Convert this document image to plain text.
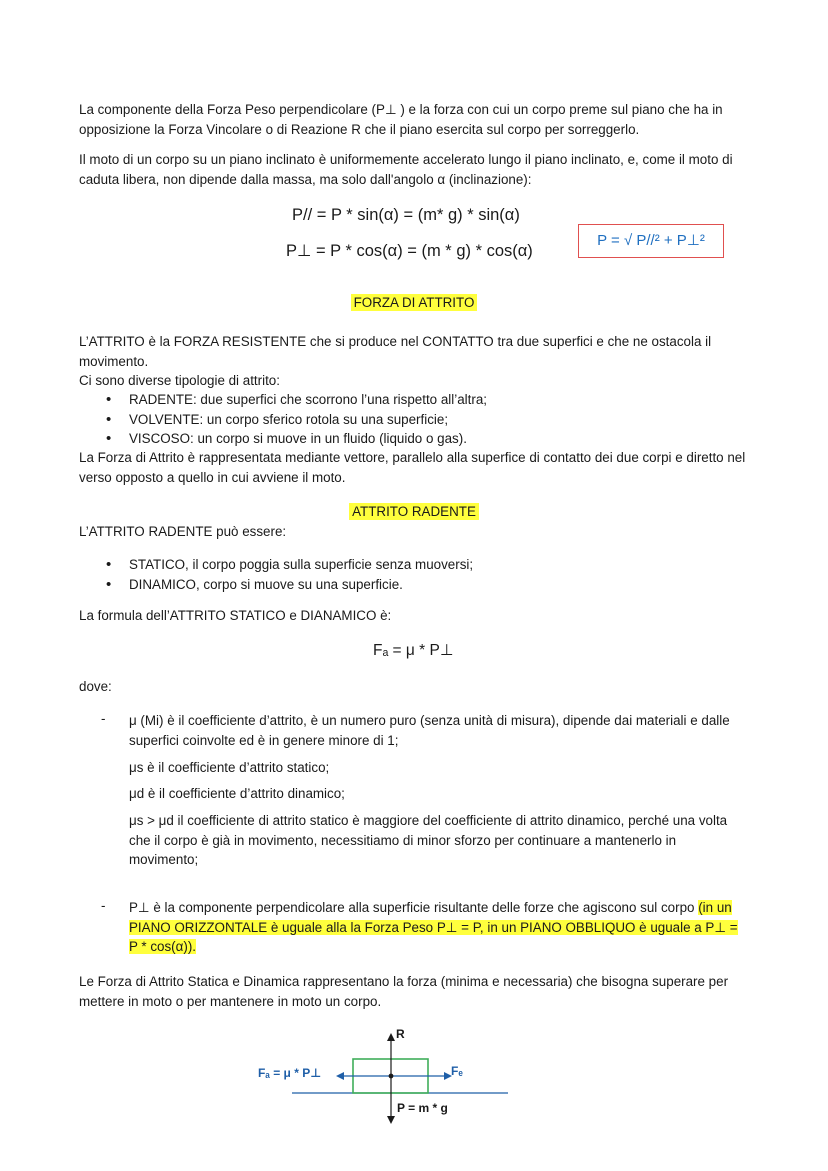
La componente della Forza Peso perpendicolare (P⊥ ) e la forza con cui un corpo preme sul piano che ha in opposizione la Forza Vincolare o di Reazione R che il piano esercita sul corpo per sorreggerlo.
Il moto di un corpo su un piano inclinato è uniformemente accelerato lungo il piano inclinato, e, come il moto di caduta libera, non dipende dalla massa, ma solo dall'angolo α (inclinazione):
P// = P * sin(α) = (m* g) * sin(α)
P⊥ = P * cos(α) = (m * g) * cos(α)
P = √ P//² + P⊥²
FORZA DI ATTRITO
L’ATTRITO è la FORZA RESISTENTE che si produce nel CONTATTO tra due superfici e che ne ostacola il
movimento.
Ci sono diverse tipologie di attrito:
• RADENTE: due superfici che scorrono l’una rispetto all’altra;
• VOLVENTE: un corpo sferico rotola su una superficie;
• VISCOSO: un corpo si muove in un fluido (liquido o gas).
La Forza di Attrito è rappresentata mediante vettore, parallelo alla superfice di contatto dei due corpi e diretto nel verso opposto a quello in cui avviene il moto.
ATTRITO RADENTE
L’ATTRITO RADENTE può essere:
• STATICO, il corpo poggia sulla superficie senza muoversi;
• DINAMICO, corpo si muove su una superficie.
La formula dell’ATTRITO STATICO e DIANAMICO è:
Fₐ = μ * P⊥
dove:
- μ (Mi) è il coefficiente d’attrito, è un numero puro (senza unità di misura), dipende dai materiali e dalle superfici coinvolte ed è in genere minore di 1;
μs è il coefficiente d’attrito statico;
μd è il coefficiente d’attrito dinamico;
μs > μd il coefficiente di attrito statico è maggiore del coefficiente di attrito dinamico, perché una volta che il corpo è già in movimento, necessitiamo di minor sforzo per continuare a mantenerlo in movimento;
- P⊥ è la componente perpendicolare alla superficie risultante delle forze che agiscono sul corpo (in un PIANO ORIZZONTALE è uguale alla la Forza Peso P⊥ = P, in un PIANO OBBLIQUO è uguale a P⊥ = P * cos(α)).
Le Forza di Attrito Statica e Dinamica rappresentano la forza (minima e necessaria) che bisogna superare per mettere in moto o per mantenere in moto un corpo.
R
Fₐ = μ * P⊥	Fₑ
P = m * g
